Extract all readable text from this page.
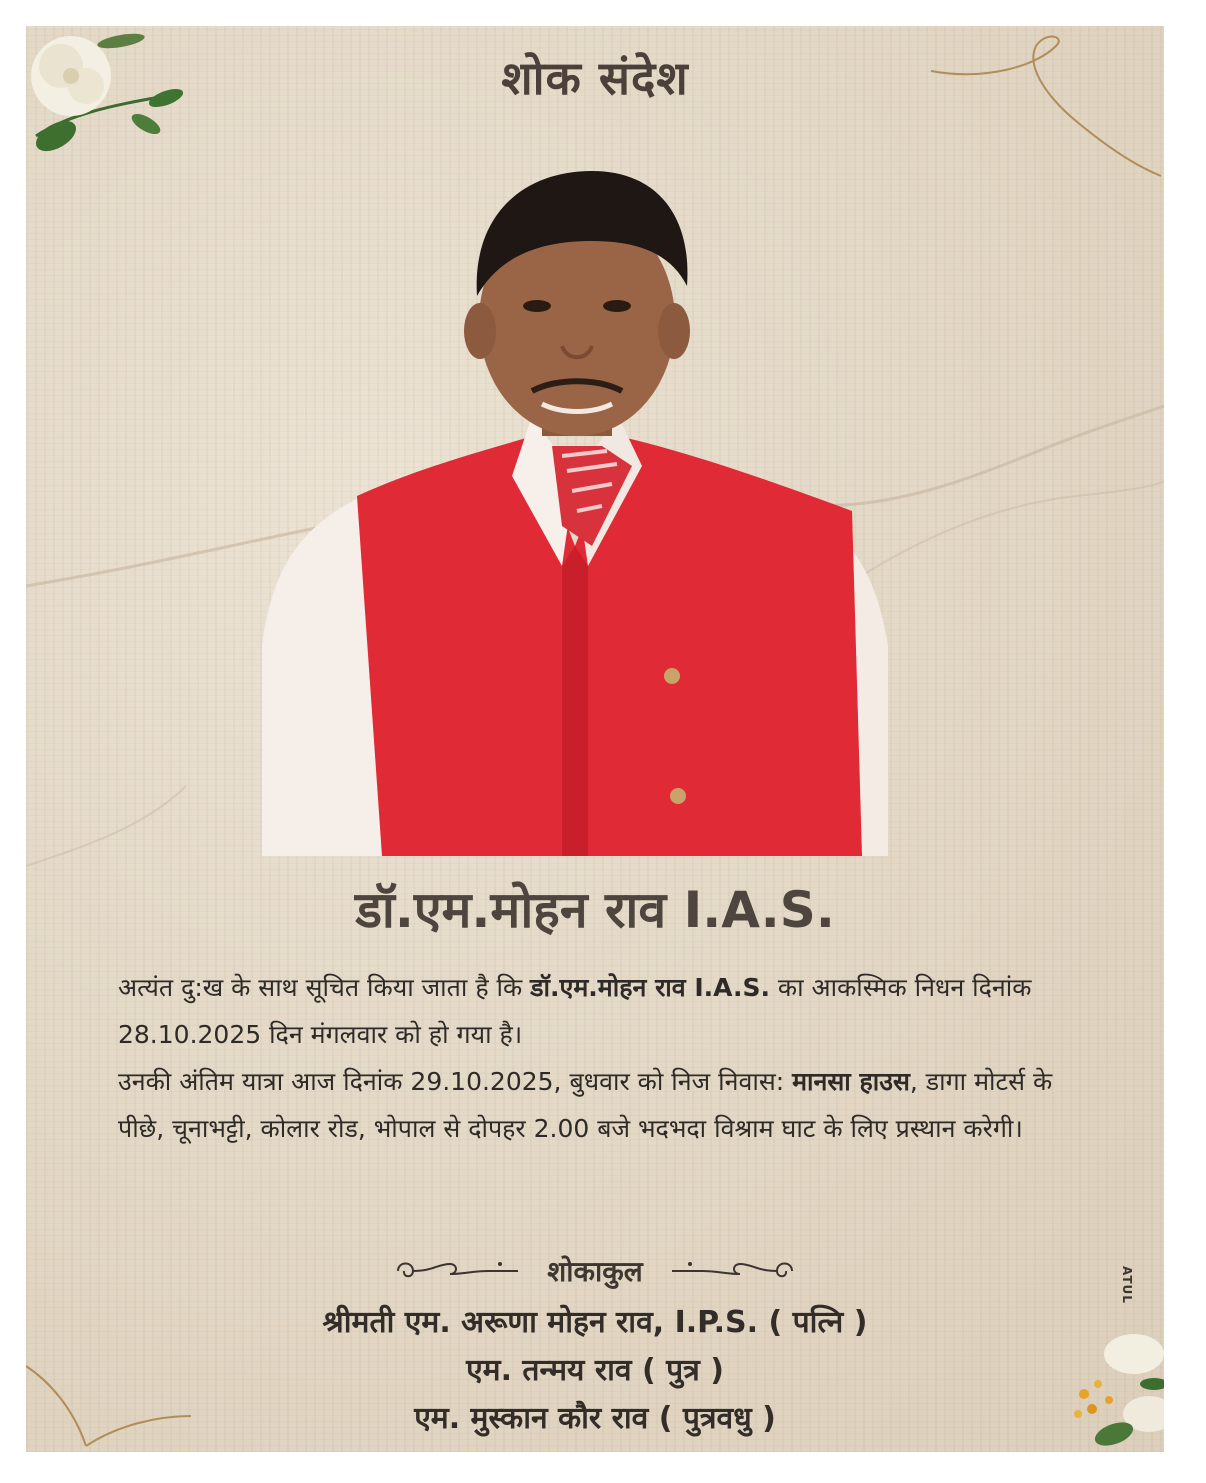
शोक संदेश
डॉ.एम.मोहन राव I.A.S.

अत्यंत दु:ख के साथ सूचित किया जाता है कि डॉ.एम.मोहन राव I.A.S. का आकस्मिक निधन दिनांक 28.10.2025 दिन मंगलवार को हो गया है।

उनकी अंतिम यात्रा आज दिनांक 29.10.2025, बुधवार को निज निवास: मानसा हाउस, डागा मोटर्स के पीछे, चूनाभट्टी, कोलार रोड, भोपाल से दोपहर 2.00 बजे भदभदा विश्राम घाट के लिए प्रस्थान करेगी।

शोकाकुल
श्रीमती एम. अरूणा मोहन राव, I.P.S. ( पत्नि )
एम. तन्मय राव ( पुत्र )
एम. मुस्कान कौर राव ( पुत्रवधु )
ATUL
